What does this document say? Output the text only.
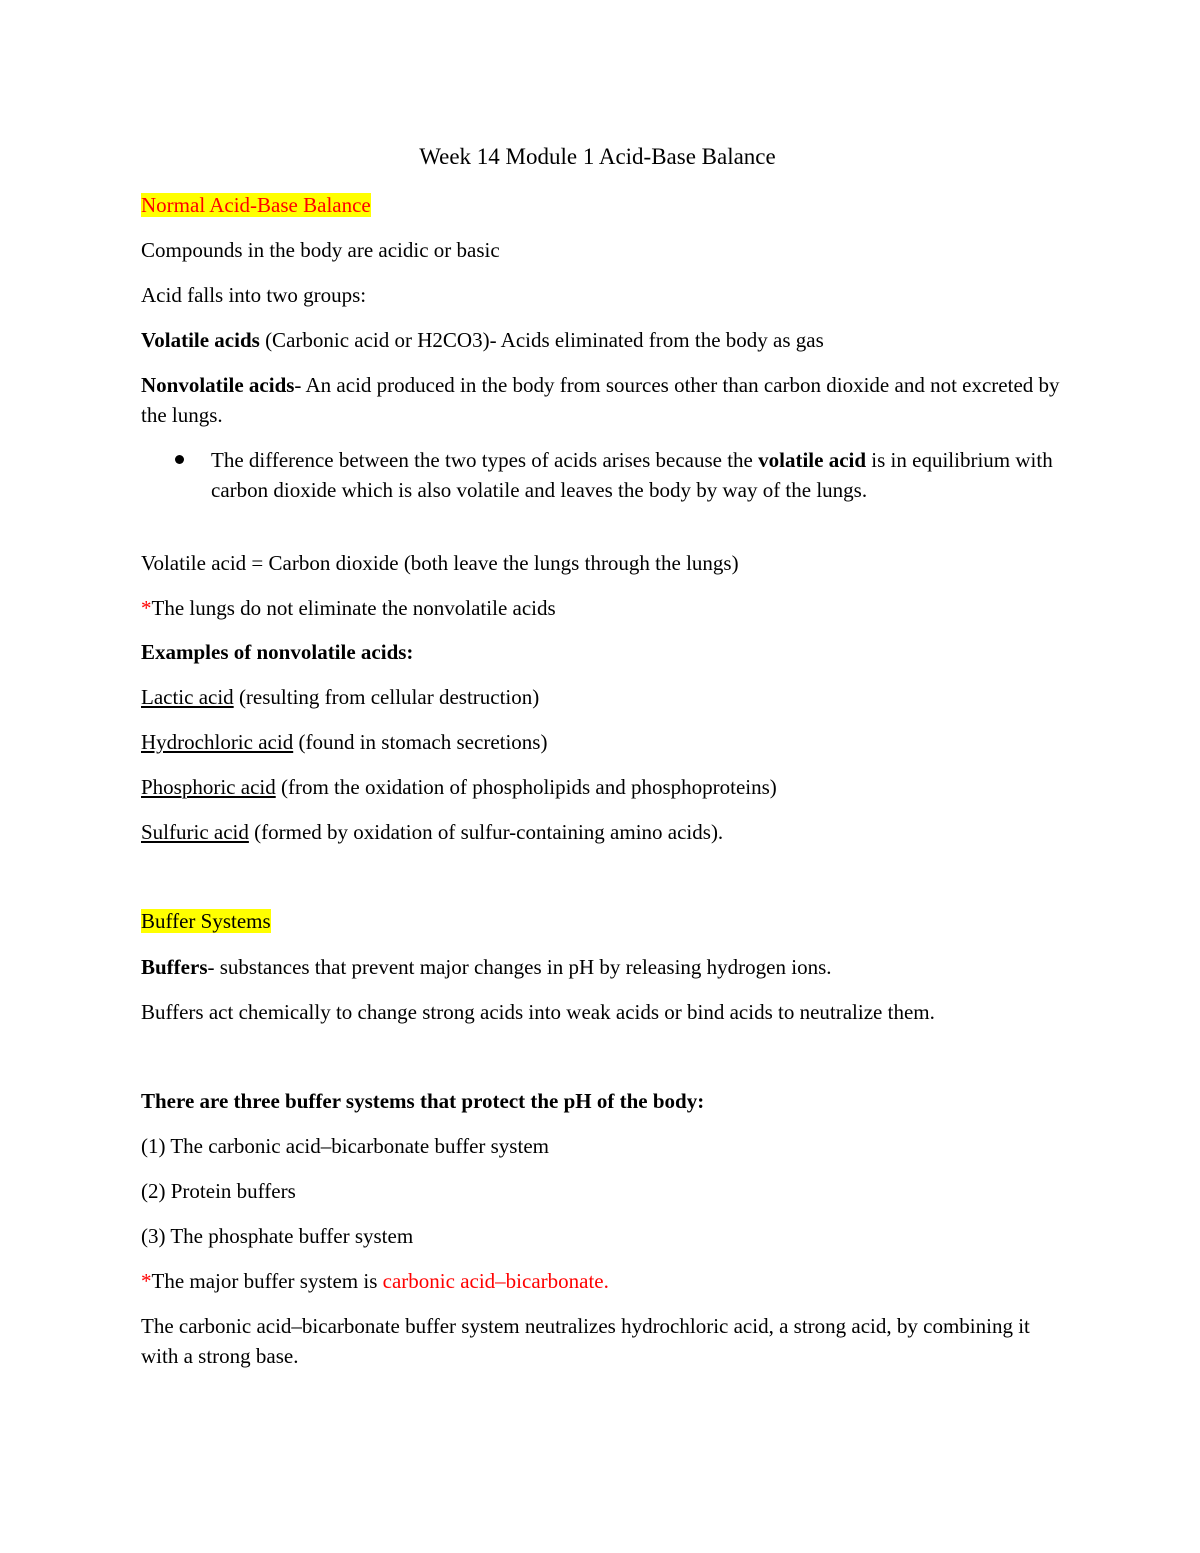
Week 14 Module 1 Acid-Base Balance
Normal Acid-Base Balance
Compounds in the body are acidic or basic
Acid falls into two groups:
Volatile acids (Carbonic acid or H2CO3)- Acids eliminated from the body as gas
Nonvolatile acids- An acid produced in the body from sources other than carbon dioxide and not excreted by the lungs.
The difference between the two types of acids arises because the volatile acid is in equilibrium with carbon dioxide which is also volatile and leaves the body by way of the lungs.
Volatile acid = Carbon dioxide (both leave the lungs through the lungs)
*The lungs do not eliminate the nonvolatile acids
Examples of nonvolatile acids:
Lactic acid (resulting from cellular destruction)
Hydrochloric acid (found in stomach secretions)
Phosphoric acid (from the oxidation of phospholipids and phosphoproteins)
Sulfuric acid (formed by oxidation of sulfur-containing amino acids).
Buffer Systems
Buffers- substances that prevent major changes in pH by releasing hydrogen ions.
Buffers act chemically to change strong acids into weak acids or bind acids to neutralize them.
There are three buffer systems that protect the pH of the body:
(1) The carbonic acid–bicarbonate buffer system
(2) Protein buffers
(3) The phosphate buffer system
*The major buffer system is carbonic acid–bicarbonate.
The carbonic acid–bicarbonate buffer system neutralizes hydrochloric acid, a strong acid, by combining it with a strong base.
